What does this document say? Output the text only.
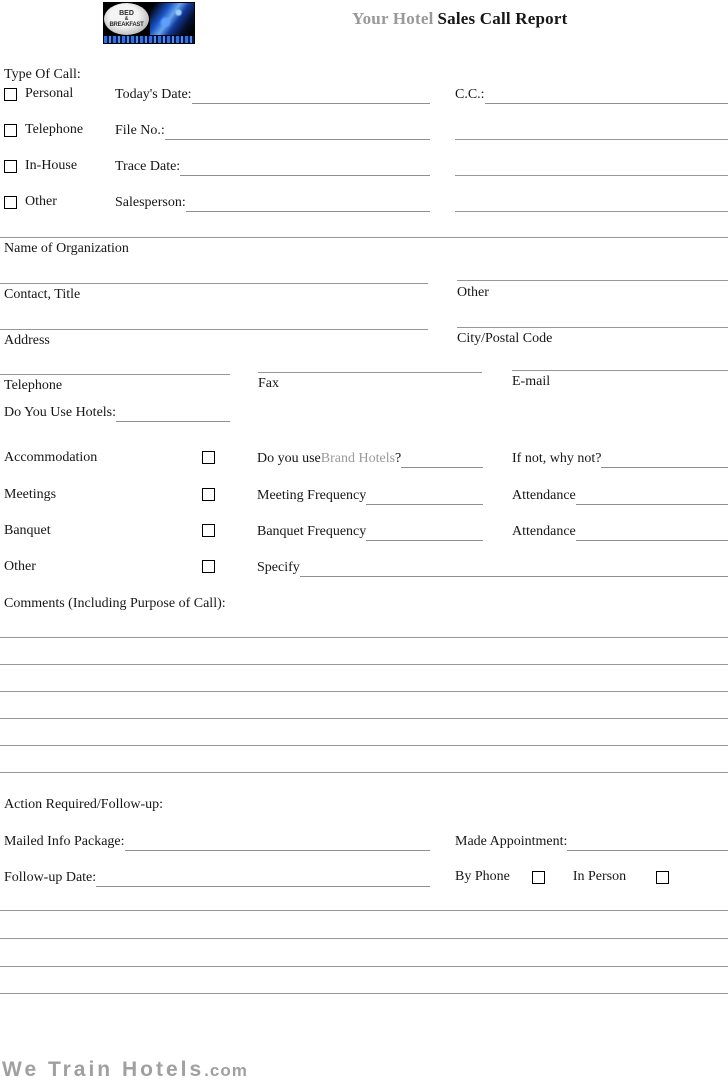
BED
&
BREAKFAST	Your Hotel Sales Call Report
Type Of Call:
Personal
Telephone
In-House
Other
Today's Date:
File No.:
Trace Date:
Salesperson:
C.C.:
Name of Organization
Contact, Title	Other
Address	City/Postal Code
Telephone	Fax	E-mail
Do You Use Hotels:
Accommodation	Do you use Brand Hotels ?	If not, why not?
Meetings	Meeting Frequency	Attendance
Banquet	Banquet Frequency	Attendance
Other	Specify
Comments (Including Purpose of Call):
Action Required/Follow-up:
Mailed Info Package:	Made Appointment:
Follow-up Date:	By Phone	In Person
We Train Hotels.com
